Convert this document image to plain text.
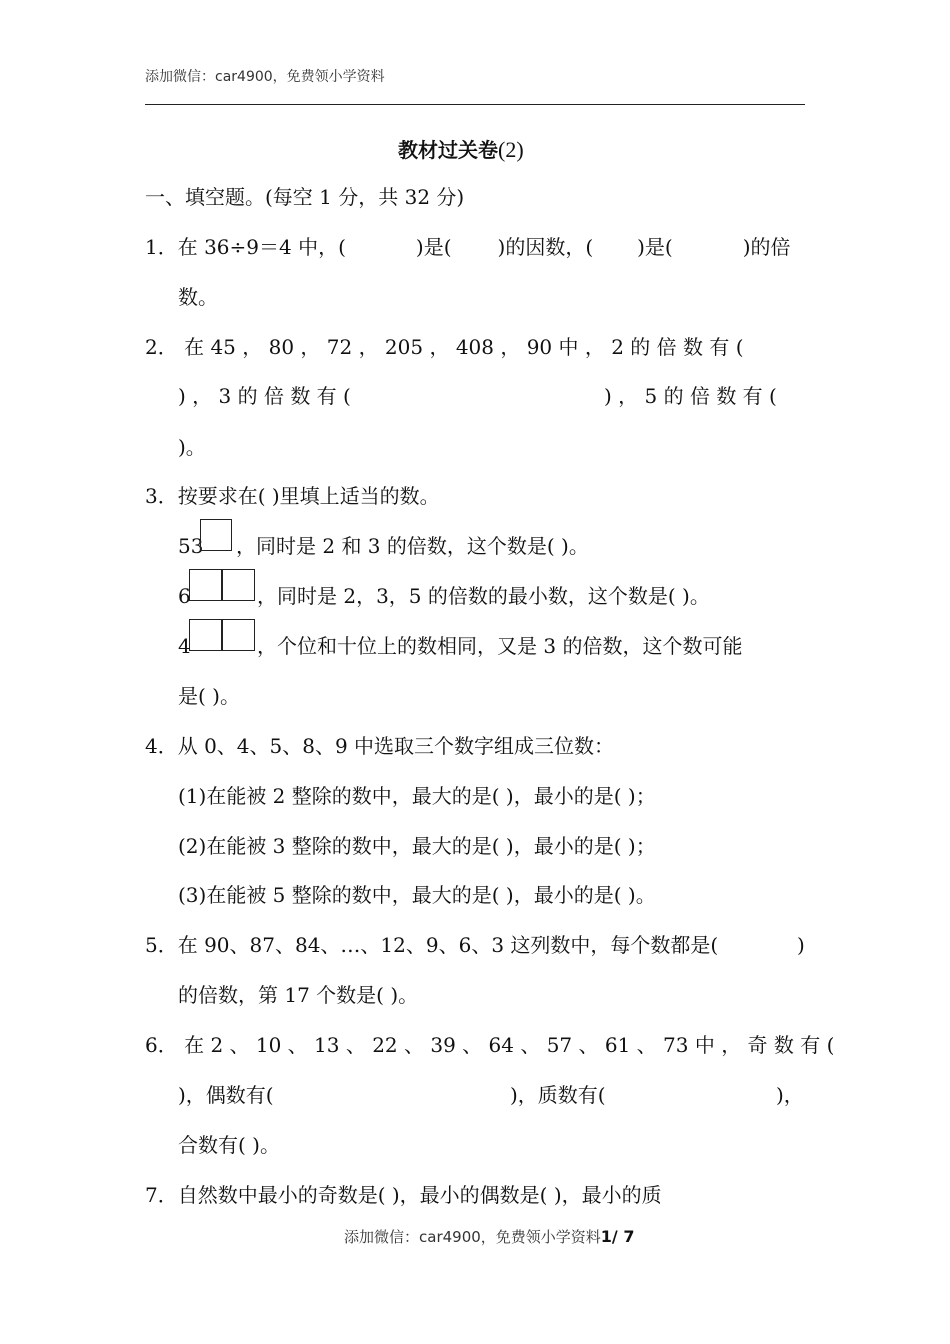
添加微信：car4900，免费领小学资料
教材过关卷(2)
一、填空题。(每空 1 分，共 32 分)
1．在 36÷9＝4 中，(	)是( )的因数，( )是(	)的倍
数。
2． 在 45 ， 80 ， 72 ， 205 ， 408 ， 90 中 ， 2 的 倍 数 有 (
) ， 3 的 倍 数 有 (	) ， 5 的 倍 数 有 (
)。
3．按要求在( )里填上适当的数。
53 ，同时是 2 和 3 的倍数，这个数是( )。
6	，同时是 2，3，5 的倍数的最小数，这个数是( )。
4	，个位和十位上的数相同，又是 3 的倍数，这个数可能
是( )。
4．从 0、4、5、8、9 中选取三个数字组成三位数：
(1)在能被 2 整除的数中，最大的是( )，最小的是( )；
(2)在能被 3 整除的数中，最大的是( )，最小的是( )；
(3)在能被 5 整除的数中，最大的是( )，最小的是( )。
5．在 90、87、84、…、12、9、6、3 这列数中，每个数都是(	)
的倍数，第 17 个数是( )。
6． 在 2 、 10 、 13 、 22 、 39 、 64 、 57 、 61 、 73 中 ， 奇 数 有 (
)，偶数有(	)，质数有(	)，
合数有( )。
7．自然数中最小的奇数是( )，最小的偶数是( )，最小的质
添加微信：car4900，免费领小学资料1/ 7
